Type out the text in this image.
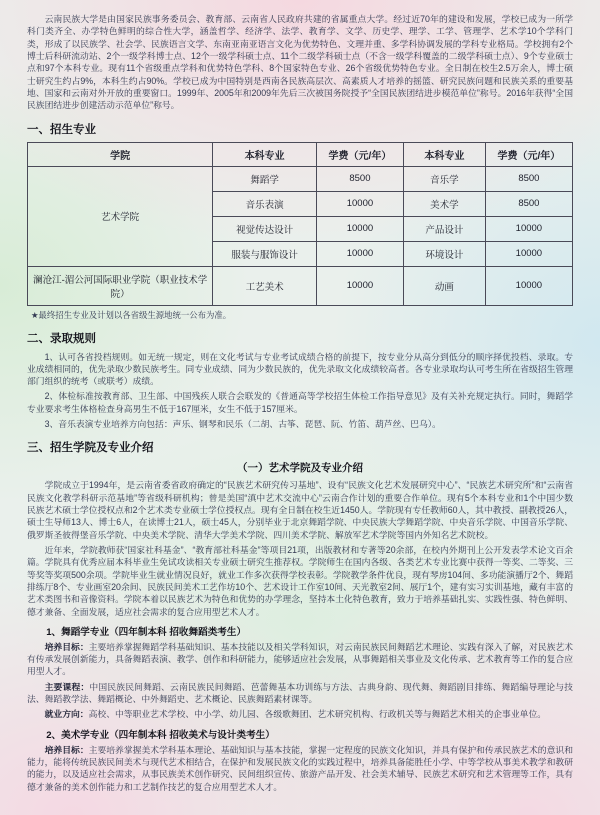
云南民族大学是由国家民族事务委员会、教育部、云南省人民政府共建的省属重点大学。经过近70年的建设和发展，学校已成为一所学科门类齐全、办学特色鲜明的综合性大学，涵盖哲学、经济学、法学、教育学、文学、历史学、理学、工学、管理学、艺术学10个学科门类，形成了以民族学、社会学、民族语言文学、东南亚南亚语言文化为优势特色、文理并重、多学科协调发展的学科专业格局。学校拥有2个博士后科研流动站、2个一级学科博士点、12个一级学科硕士点、11个二级学科硕士点（不含一级学科覆盖的二级学科硕士点）、9个专业硕士点和97个本科专业。现有11个省级重点学科和优势特色学科、8个国家特色专业、26个省级优势特色专业。全日制在校生2.5万余人，博士硕士研究生约占9%，本科生约占90%。学校已成为中国特别是西南各民族高层次、高素质人才培养的摇篮、研究民族问题和民族关系的重要基地、国家和云南对外开放的重要窗口。1999年、2005年和2009年先后三次被国务院授予“全国民族团结进步模范单位”称号。2016年获得“全国民族团结进步创建活动示范单位”称号。

一、招生专业
学院	本科专业	学费（元/年）	本科专业	学费（元/年）
艺术学院	舞蹈学	8500	音乐学	8500
	音乐表演	10000	美术学	8500
	视觉传达设计	10000	产品设计	10000
	服装与服饰设计	10000	环境设计	10000
澜沧江-湄公河国际职业学院（职业技术学院）	工艺美术	10000	动画	10000

★最终招生专业及计划以各省级生源地统一公布为准。

二、录取规则

1、认可各省投档规则。如无统一规定，则在文化考试与专业考试成绩合格的前提下，按专业分从高分到低分的顺序择优投档、录取。专业成绩相同的，优先录取少数民族考生。同专业成绩、同为少数民族的，优先录取文化成绩较高者。各专业录取均认可考生所在省级招生管理部门组织的统考（或联考）成绩。

2、体检标准按教育部、卫生部、中国残疾人联合会联发的《普通高等学校招生体检工作指导意见》及有关补充规定执行。同时，舞蹈学专业要求考生体格检查身高男生不低于167厘米，女生不低于157厘米。

3、音乐表演专业培养方向包括：声乐、钢琴和民乐（二胡、古筝、琵琶、阮、竹笛、葫芦丝、巴乌）。

三、招生学院及专业介绍
（一）艺术学院及专业介绍

学院成立于1994年，是云南省委省政府确定的“民族艺术研究传习基地”、设有“民族文化艺术发展研究中心”、“民族艺术研究所”和“云南省民族文化教学科研示范基地”等省级科研机构；曾是美国“滇中艺术交流中心”云南合作计划的重要合作单位。现有5个本科专业和1个中国少数民族艺术硕士学位授权点和2个艺术类专业硕士学位授权点。现有全日制在校生近1450人。学院现有专任教师60人，其中教授、副教授26人，硕士生导师13人、博士6人，在读博士21人，硕士45人，分别毕业于北京舞蹈学院、中央民族大学舞蹈学院、中央音乐学院、中国音乐学院、俄罗斯圣彼得堡音乐学院、中央美术学院、清华大学美术学院、四川美术学院、解放军艺术学院等国内外知名艺术院校。

近年来，学院教师获“国家社科基金”、“教育部社科基金”等项目21项，出版教材和专著等20余部，在校内外期刊上公开发表学术论文百余篇。学院具有优秀应届本科毕业生免试攻读相关专业硕士研究生推荐权。学院师生在国内各级、各类艺术专业比赛中获得一等奖、二等奖、三等奖等奖项500余项。学院毕业生就业情况良好，就业工作多次获得学校表彰。学院教学条件优良，现有琴房104间、多功能演播厅2个、舞蹈排练厅8个、专业画室20余间、民族民间美术工艺作坊10个、艺术设计工作室10间、天光教室2间、展厅1个，建有实习实训基地，藏有丰富的艺术类图书和音像资料。学院本着以民族艺术为特色和优势的办学理念，坚持本土化特色教育，致力于培养基础扎实、实践性强、特色鲜明、德才兼备、全面发展，适应社会需求的复合应用型艺术人才。

1、舞蹈学专业（四年制本科 招收舞蹈类考生）

培养目标：主要培养掌握舞蹈学科基础知识、基本技能以及相关学科知识，对云南民族民间舞蹈艺术理论、实践有深入了解，对民族艺术有传承发展创新能力，具备舞蹈表演、教学、创作和科研能力，能够适应社会发展，从事舞蹈相关事业及文化传承、艺术教育等工作的复合应用型人才。

主要课程：中国民族民间舞蹈、云南民族民间舞蹈、芭蕾舞基本功训练与方法、古典身韵、现代舞、舞蹈剧目排练、舞蹈编导理论与技法、舞蹈教学法、舞蹈概论、中外舞蹈史、艺术概论、民族舞蹈素材课等。

就业方向：高校、中等职业艺术学校、中小学、幼儿园、各级歌舞团、艺术研究机构、行政机关等与舞蹈艺术相关的企事业单位。

2、美术学专业（四年制本科 招收美术与设计类考生）

培养目标：主要培养掌握美术学科基本理论、基础知识与基本技能，掌握一定程度的民族文化知识，并具有保护和传承民族艺术的意识和能力，能将传统民族民间美术与现代艺术相结合，在保护和发展民族文化的实践过程中，培养具备能胜任小学、中等学校从事美术教学和教研的能力，以及适应社会需求，从事民族美术创作研究、民间组织宣传、旅游产品开发、社会美术辅导、民族艺术研究和艺术管理等工作，具有德才兼备的美术创作能力和工艺制作技艺的复合应用型艺术人才。
